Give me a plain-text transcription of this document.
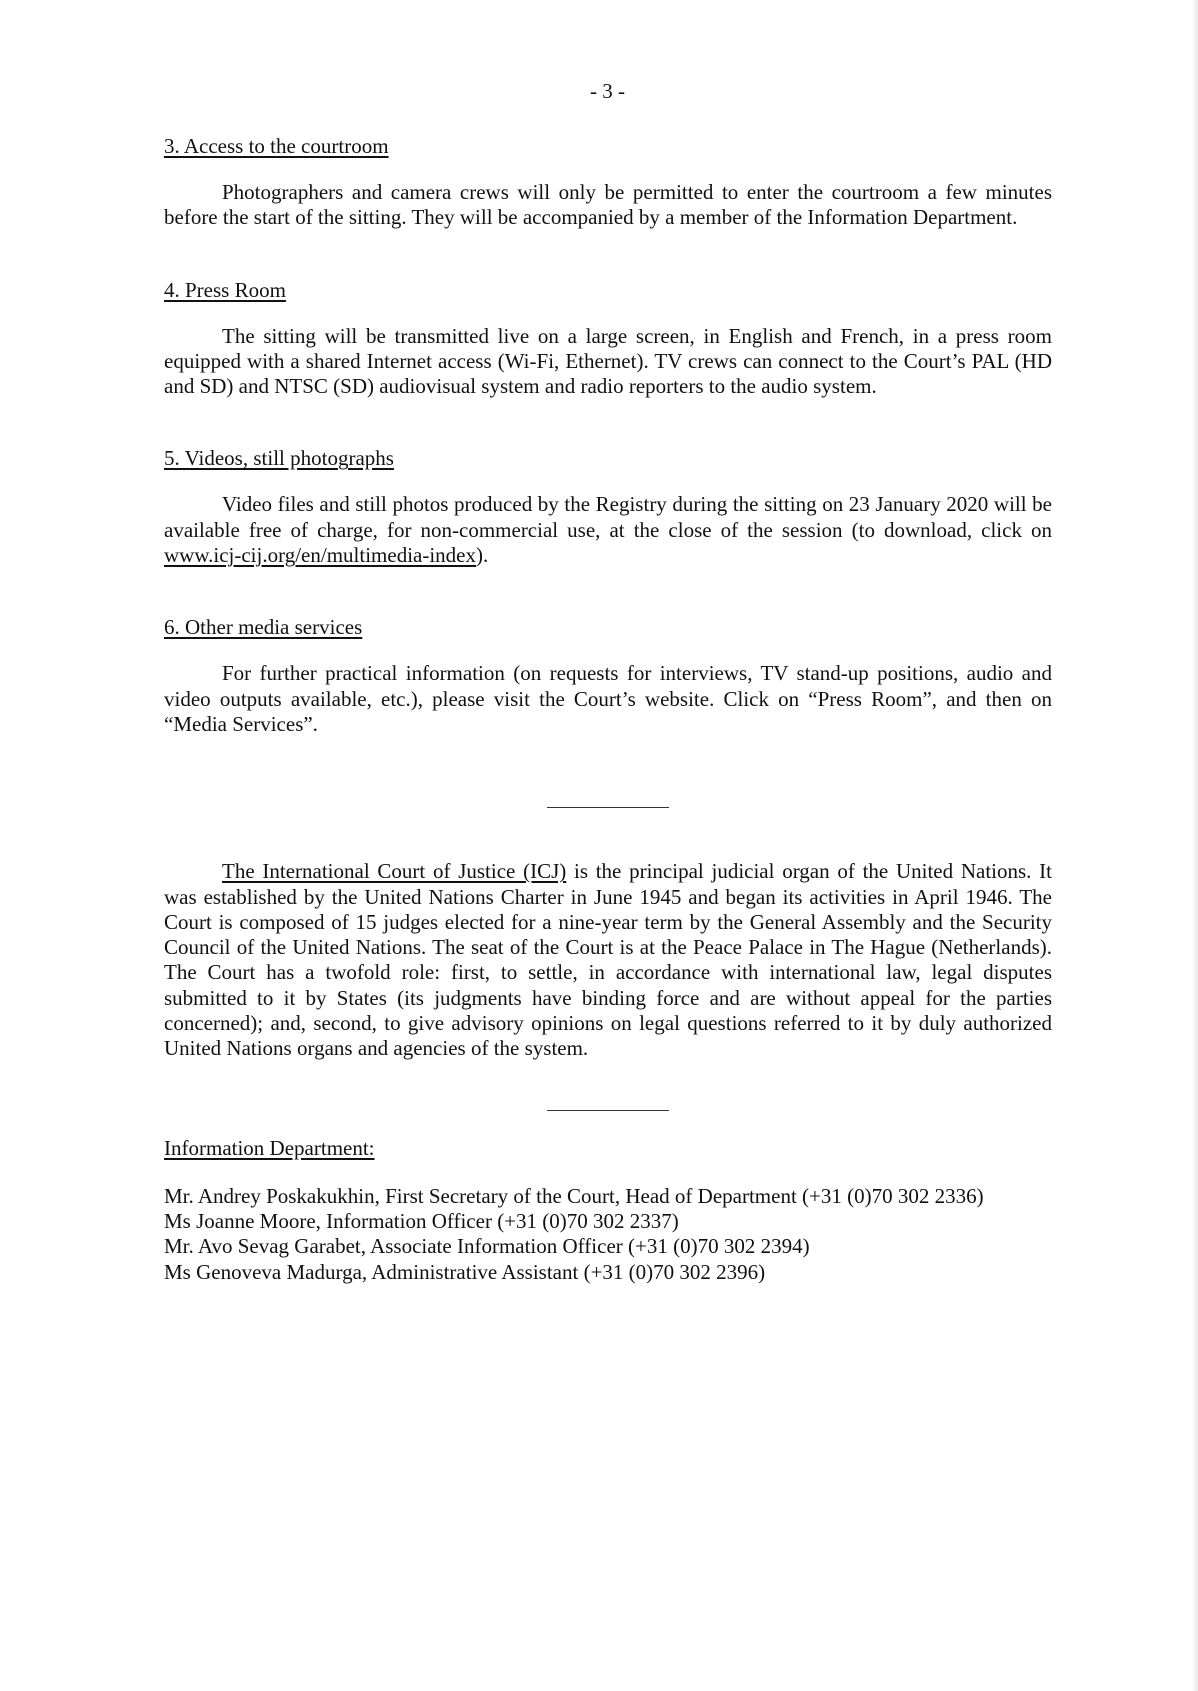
- 3 -
3. Access to the courtroom

Photographers and camera crews will only be permitted to enter the courtroom a few minutes before the start of the sitting. They will be accompanied by a member of the Information Department.

4. Press Room

The sitting will be transmitted live on a large screen, in English and French, in a press room equipped with a shared Internet access (Wi-Fi, Ethernet). TV crews can connect to the Court’s PAL (HD and SD) and NTSC (SD) audiovisual system and radio reporters to the audio system.

5. Videos, still photographs

Video files and still photos produced by the Registry during the sitting on 23 January 2020 will be available free of charge, for non-commercial use, at the close of the session (to download, click on www.icj-cij.org/en/multimedia-index).

6. Other media services

For further practical information (on requests for interviews, TV stand-up positions, audio and video outputs available, etc.), please visit the Court’s website. Click on “Press Room”, and then on “Media Services”.

The International Court of Justice (ICJ) is the principal judicial organ of the United Nations. It was established by the United Nations Charter in June 1945 and began its activities in April 1946. The Court is composed of 15 judges elected for a nine-year term by the General Assembly and the Security Council of the United Nations. The seat of the Court is at the Peace Palace in The Hague (Netherlands). The Court has a twofold role: first, to settle, in accordance with international law, legal disputes submitted to it by States (its judgments have binding force and are without appeal for the parties concerned); and, second, to give advisory opinions on legal questions referred to it by duly authorized United Nations organs and agencies of the system.

Information Department:

Mr. Andrey Poskakukhin, First Secretary of the Court, Head of Department (+31 (0)70 302 2336)

Ms Joanne Moore, Information Officer (+31 (0)70 302 2337)

Mr. Avo Sevag Garabet, Associate Information Officer (+31 (0)70 302 2394)

Ms Genoveva Madurga, Administrative Assistant (+31 (0)70 302 2396)
